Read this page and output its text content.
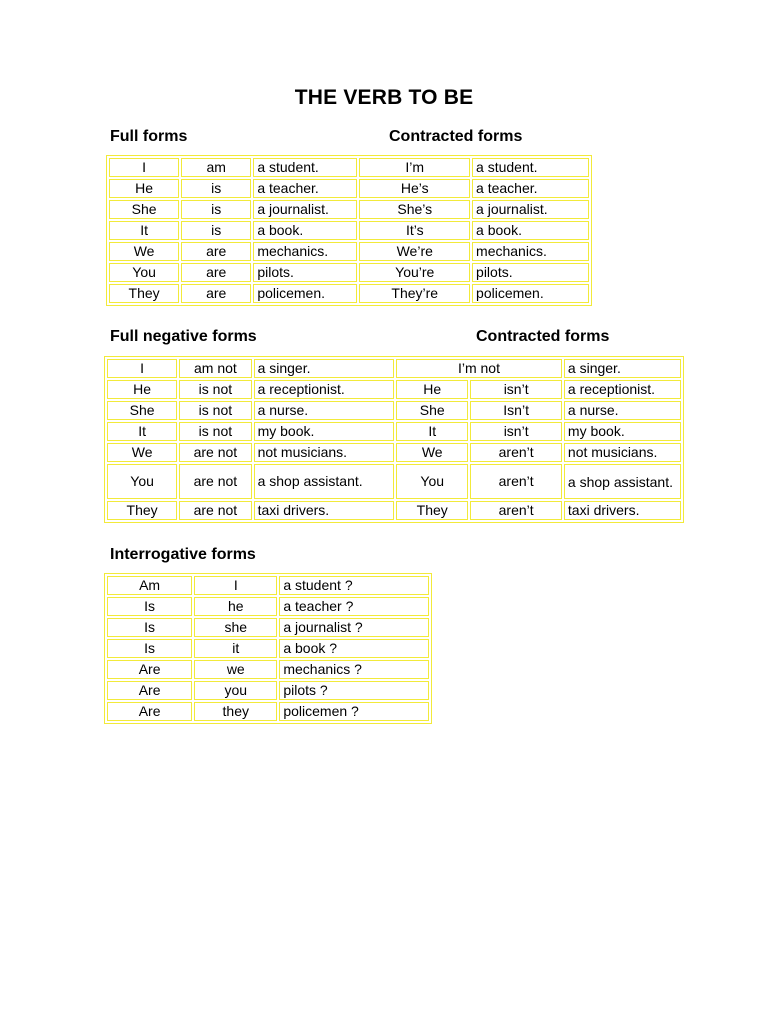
THE VERB TO BE
Full forms	Contracted forms
I	am	a student.	I’m	a student.
He	is	a teacher.	He’s	a teacher.
She	is	a journalist.	She’s	a journalist.
It	is	a book.	It’s	a book.
We	are	mechanics.	We’re	mechanics.
You	are	pilots.	You’re	pilots.
They	are	policemen.	They’re	policemen.
Full negative forms	Contracted forms
I	am not	a singer.	I’m not		a singer.
He	is not	a receptionist.	He	isn’t	a receptionist.
She	is not	a nurse.	She	Isn’t	a nurse.
It	is not	my book.	It	isn’t	my book.
We	are not	not musicians.	We	aren’t	not musicians.
You	are not	a shop assistant.	You	aren’t	a shop assistant.
They	are not	taxi drivers.	They	aren’t	taxi drivers.
Interrogative forms
Am	I	a student ?
Is	he	a teacher ?
Is	she	a journalist ?
Is	it	a book ?
Are	we	mechanics ?
Are	you	pilots ?
Are	they	policemen ?
